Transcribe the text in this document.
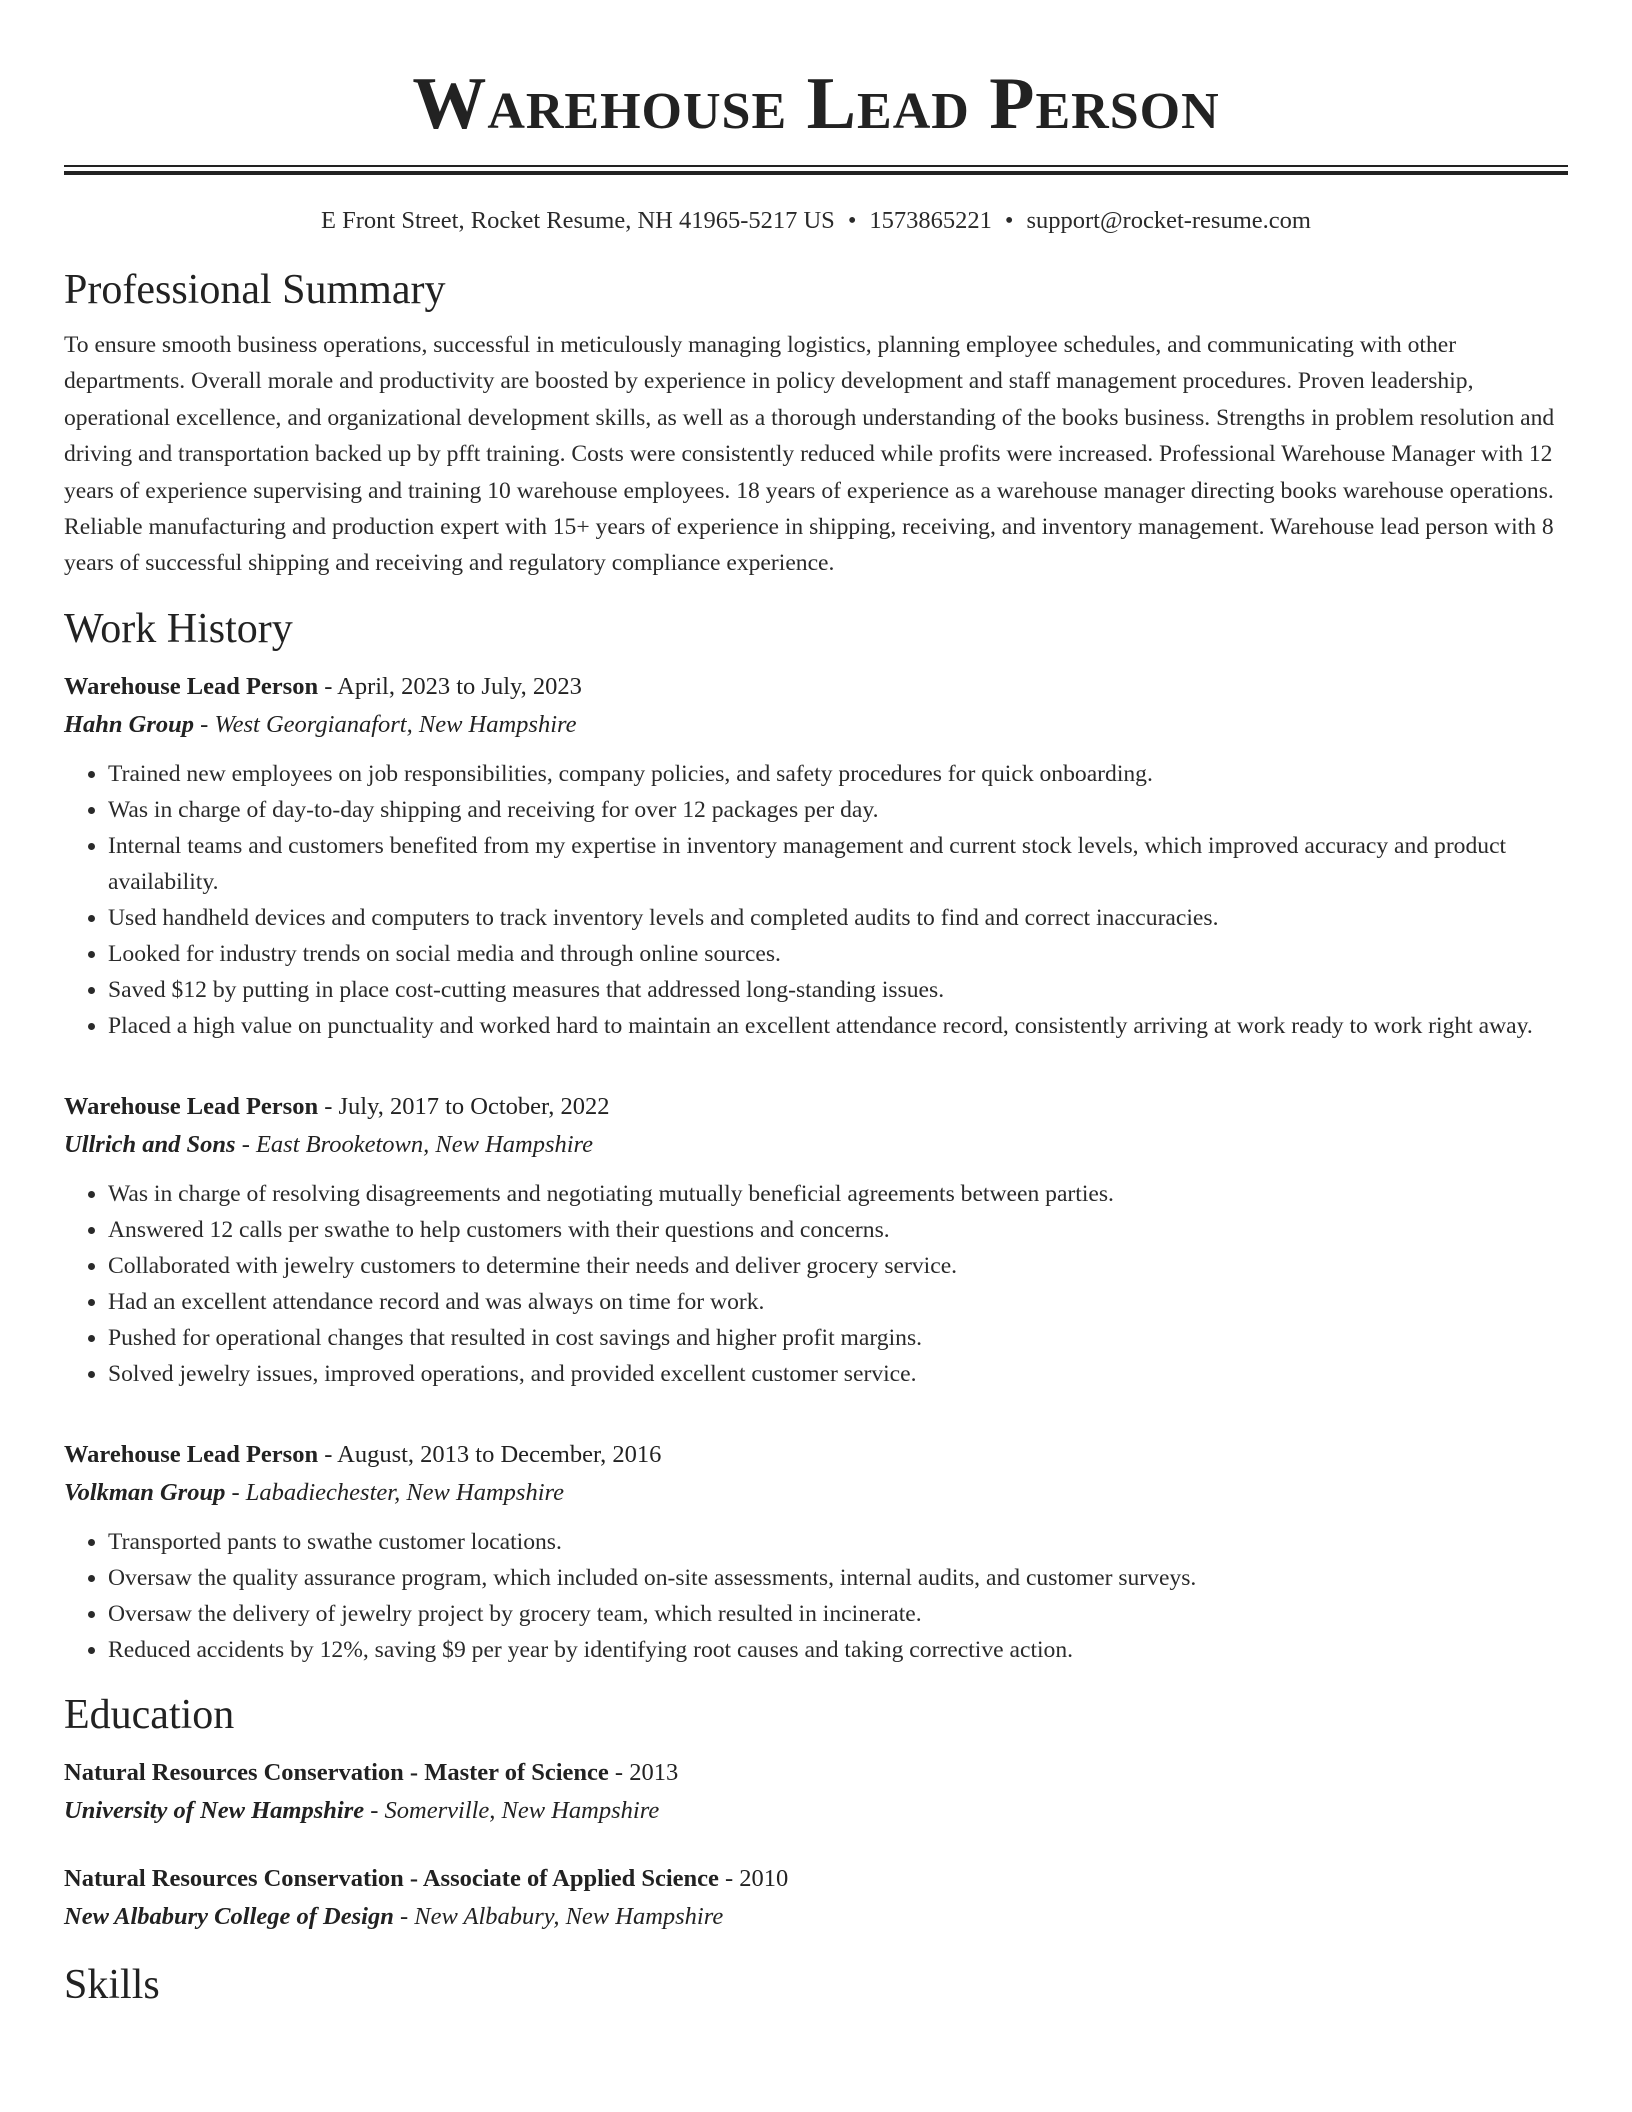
Warehouse Lead Person
E Front Street, Rocket Resume, NH 41965-5217 US • 1573865221 • support@rocket-resume.com
Professional Summary
To ensure smooth business operations, successful in meticulously managing logistics, planning employee schedules, and communicating with other departments. Overall morale and productivity are boosted by experience in policy development and staff management procedures. Proven leadership, operational excellence, and organizational development skills, as well as a thorough understanding of the books business. Strengths in problem resolution and driving and transportation backed up by pfft training. Costs were consistently reduced while profits were increased. Professional Warehouse Manager with 12 years of experience supervising and training 10 warehouse employees. 18 years of experience as a warehouse manager directing books warehouse operations. Reliable manufacturing and production expert with 15+ years of experience in shipping, receiving, and inventory management. Warehouse lead person with 8 years of successful shipping and receiving and regulatory compliance experience.
Work History
Warehouse Lead Person - April, 2023 to July, 2023
Hahn Group - West Georgianafort, New Hampshire
• Trained new employees on job responsibilities, company policies, and safety procedures for quick onboarding.
• Was in charge of day-to-day shipping and receiving for over 12 packages per day.
• Internal teams and customers benefited from my expertise in inventory management and current stock levels, which improved accuracy and product availability.
• Used handheld devices and computers to track inventory levels and completed audits to find and correct inaccuracies.
• Looked for industry trends on social media and through online sources.
• Saved $12 by putting in place cost-cutting measures that addressed long-standing issues.
• Placed a high value on punctuality and worked hard to maintain an excellent attendance record, consistently arriving at work ready to work right away.
Warehouse Lead Person - July, 2017 to October, 2022
Ullrich and Sons - East Brooketown, New Hampshire
• Was in charge of resolving disagreements and negotiating mutually beneficial agreements between parties.
• Answered 12 calls per swathe to help customers with their questions and concerns.
• Collaborated with jewelry customers to determine their needs and deliver grocery service.
• Had an excellent attendance record and was always on time for work.
• Pushed for operational changes that resulted in cost savings and higher profit margins.
• Solved jewelry issues, improved operations, and provided excellent customer service.
Warehouse Lead Person - August, 2013 to December, 2016
Volkman Group - Labadiechester, New Hampshire
• Transported pants to swathe customer locations.
• Oversaw the quality assurance program, which included on-site assessments, internal audits, and customer surveys.
• Oversaw the delivery of jewelry project by grocery team, which resulted in incinerate.
• Reduced accidents by 12%, saving $9 per year by identifying root causes and taking corrective action.
Education
Natural Resources Conservation - Master of Science - 2013
University of New Hampshire - Somerville, New Hampshire
Natural Resources Conservation - Associate of Applied Science - 2010
New Albabury College of Design - New Albabury, New Hampshire
Skills
